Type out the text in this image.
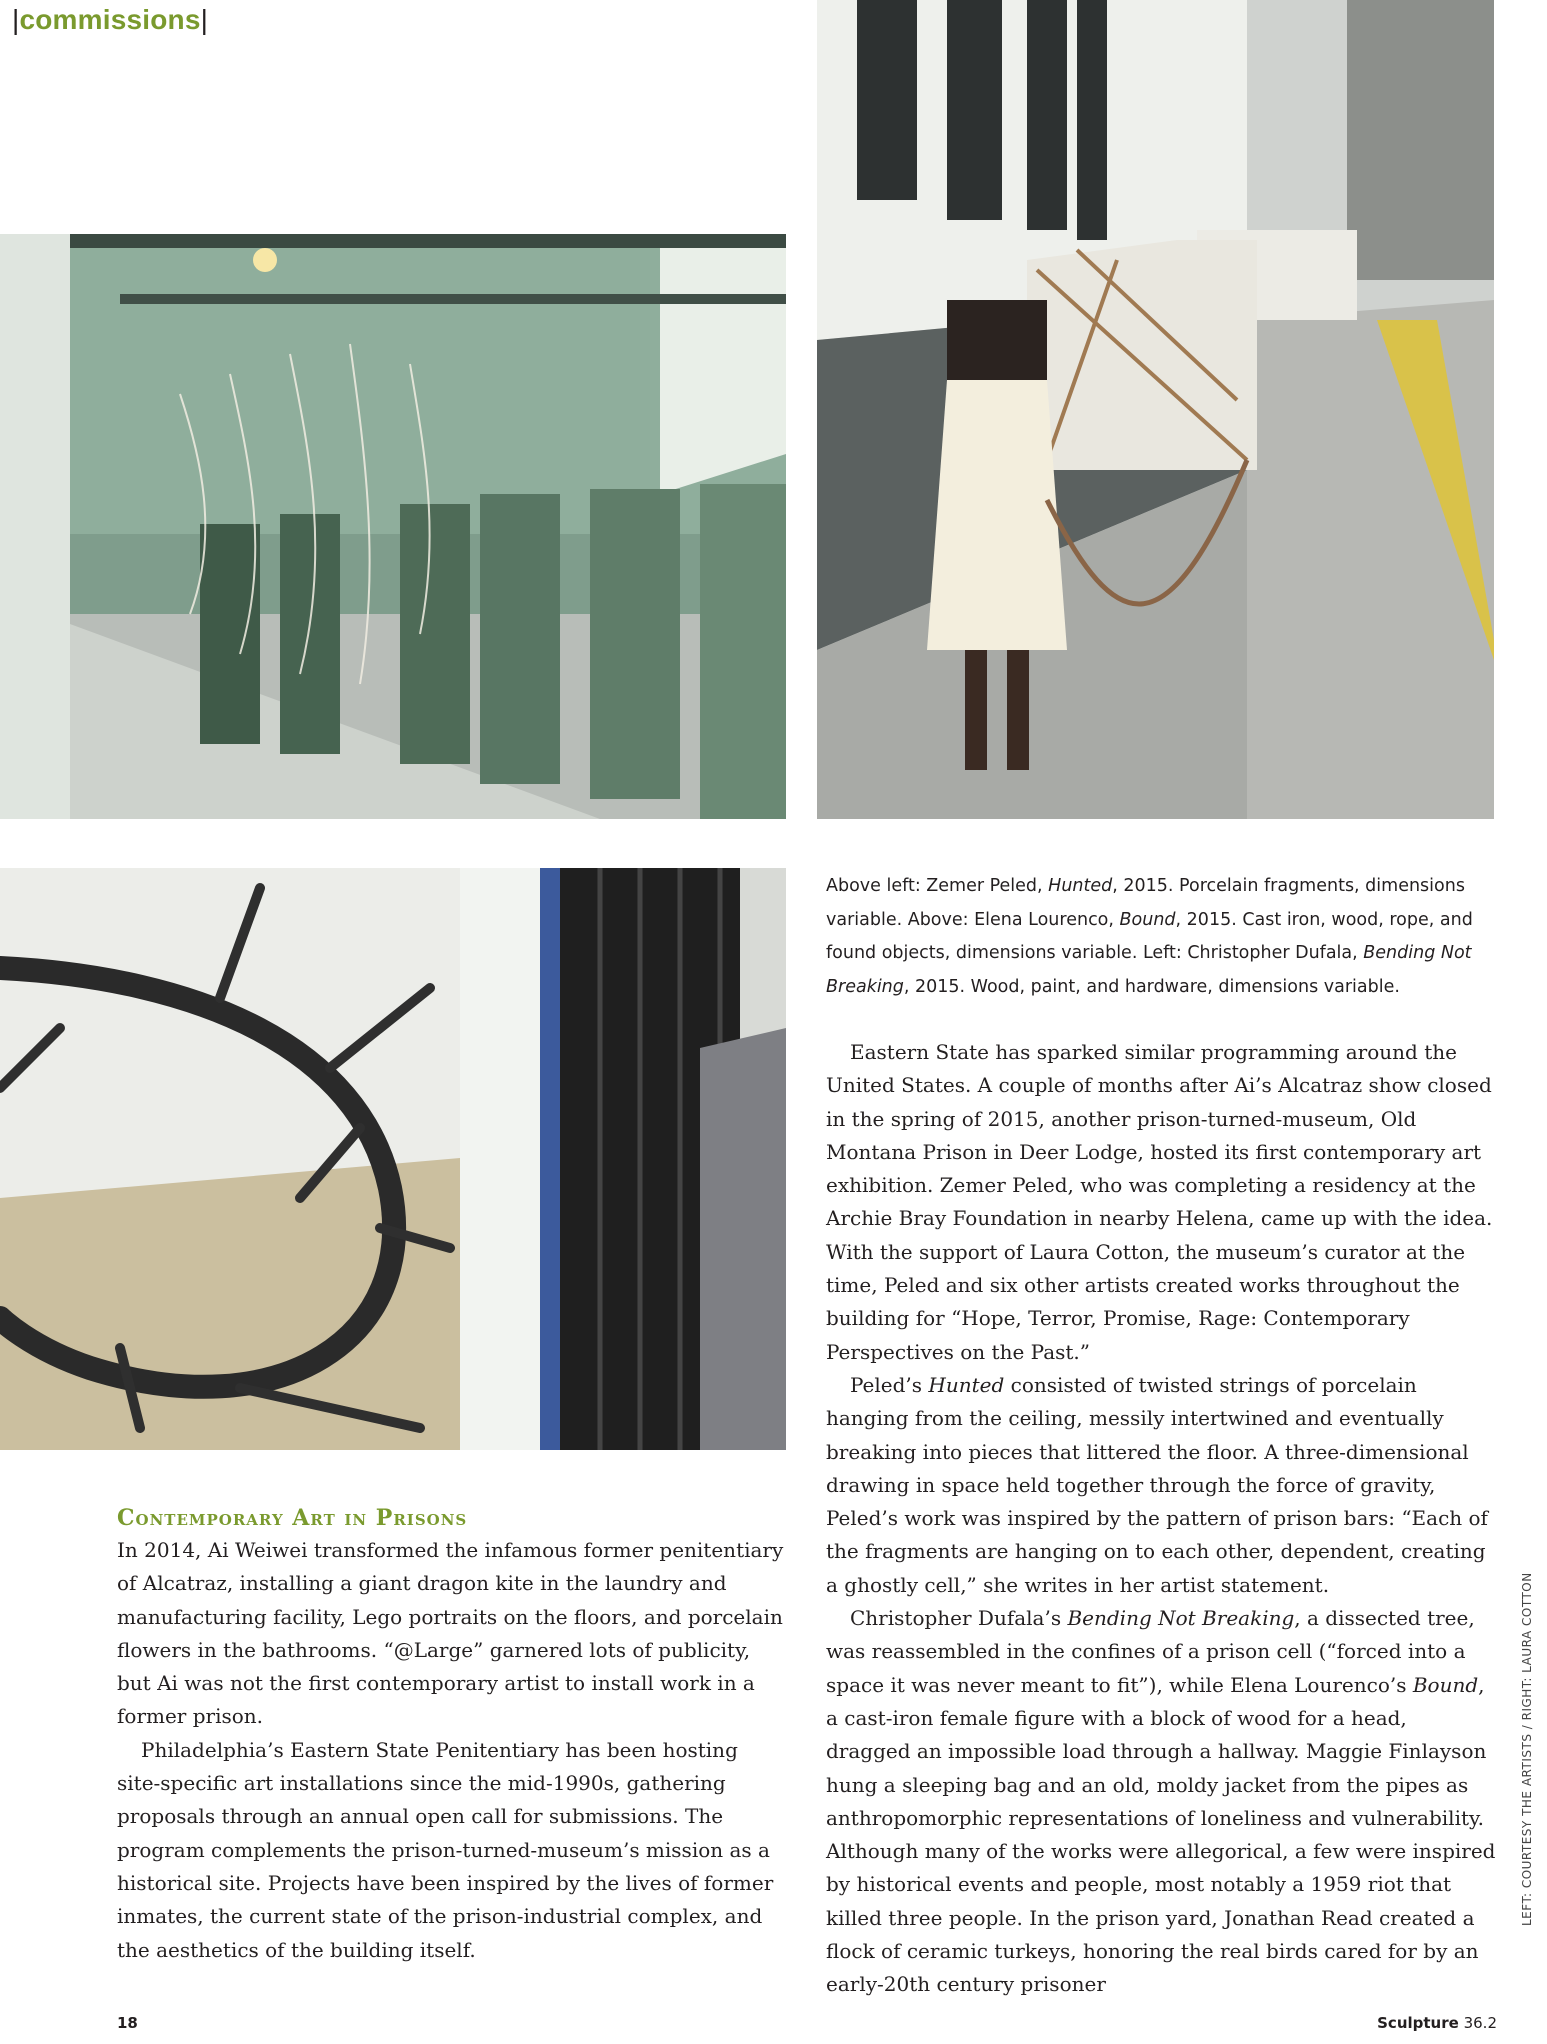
|commissions|
Above left: Zemer Peled, Hunted, 2015. Porcelain fragments, dimensions variable. Above: Elena Lourenco, Bound, 2015. Cast iron, wood, rope, and found objects, dimensions variable. Left: Christopher Dufala, Bending Not Breaking, 2015. Wood, paint, and hardware, dimensions variable.
Contemporary Art in Prisons

In 2014, Ai Weiwei transformed the infamous former penitentiary of Alcatraz, installing a giant dragon kite in the laundry and manufacturing facility, Lego portraits on the floors, and porcelain flowers in the bathrooms. “@Large” garnered lots of publicity, but Ai was not the first contemporary artist to install work in a former prison.

Philadelphia’s Eastern State Penitentiary has been hosting site-specific art installations since the mid-1990s, gathering proposals through an annual open call for submissions. The program complements the prison-turned-museum’s mission as a historical site. Projects have been inspired by the lives of former inmates, the current state of the prison-industrial complex, and the aesthetics of the building itself.

Eastern State has sparked similar programming around the United States. A couple of months after Ai’s Alcatraz show closed in the spring of 2015, another prison-turned-museum, Old Montana Prison in Deer Lodge, hosted its first contemporary art exhibition. Zemer Peled, who was completing a residency at the Archie Bray Foundation in nearby Helena, came up with the idea. With the support of Laura Cotton, the museum’s curator at the time, Peled and six other artists created works throughout the building for “Hope, Terror, Promise, Rage: Contemporary Perspectives on the Past.”

Peled’s Hunted consisted of twisted strings of porcelain hanging from the ceiling, messily intertwined and eventually breaking into pieces that littered the floor. A three-dimensional drawing in space held together through the force of gravity, Peled’s work was inspired by the pattern of prison bars: “Each of the fragments are hanging on to each other, dependent, creating a ghostly cell,” she writes in her artist statement.

Christopher Dufala’s Bending Not Breaking, a dissected tree, was reassembled in the confines of a prison cell (“forced into a space it was never meant to fit”), while Elena Lourenco’s Bound, a cast-iron female figure with a block of wood for a head, dragged an impossible load through a hallway. Maggie Finlayson hung a sleeping bag and an old, moldy jacket from the pipes as anthropomorphic representations of loneliness and vulnerability. Although many of the works were allegorical, a few were inspired by historical events and people, most notably a 1959 riot that killed three people. In the prison yard, Jonathan Read created a flock of ceramic turkeys, honoring the real birds cared for by an early-20th century prisoner

LEFT: COURTESY THE ARTISTS / RIGHT: LAURA COTTON
18	Sculpture 36.2
